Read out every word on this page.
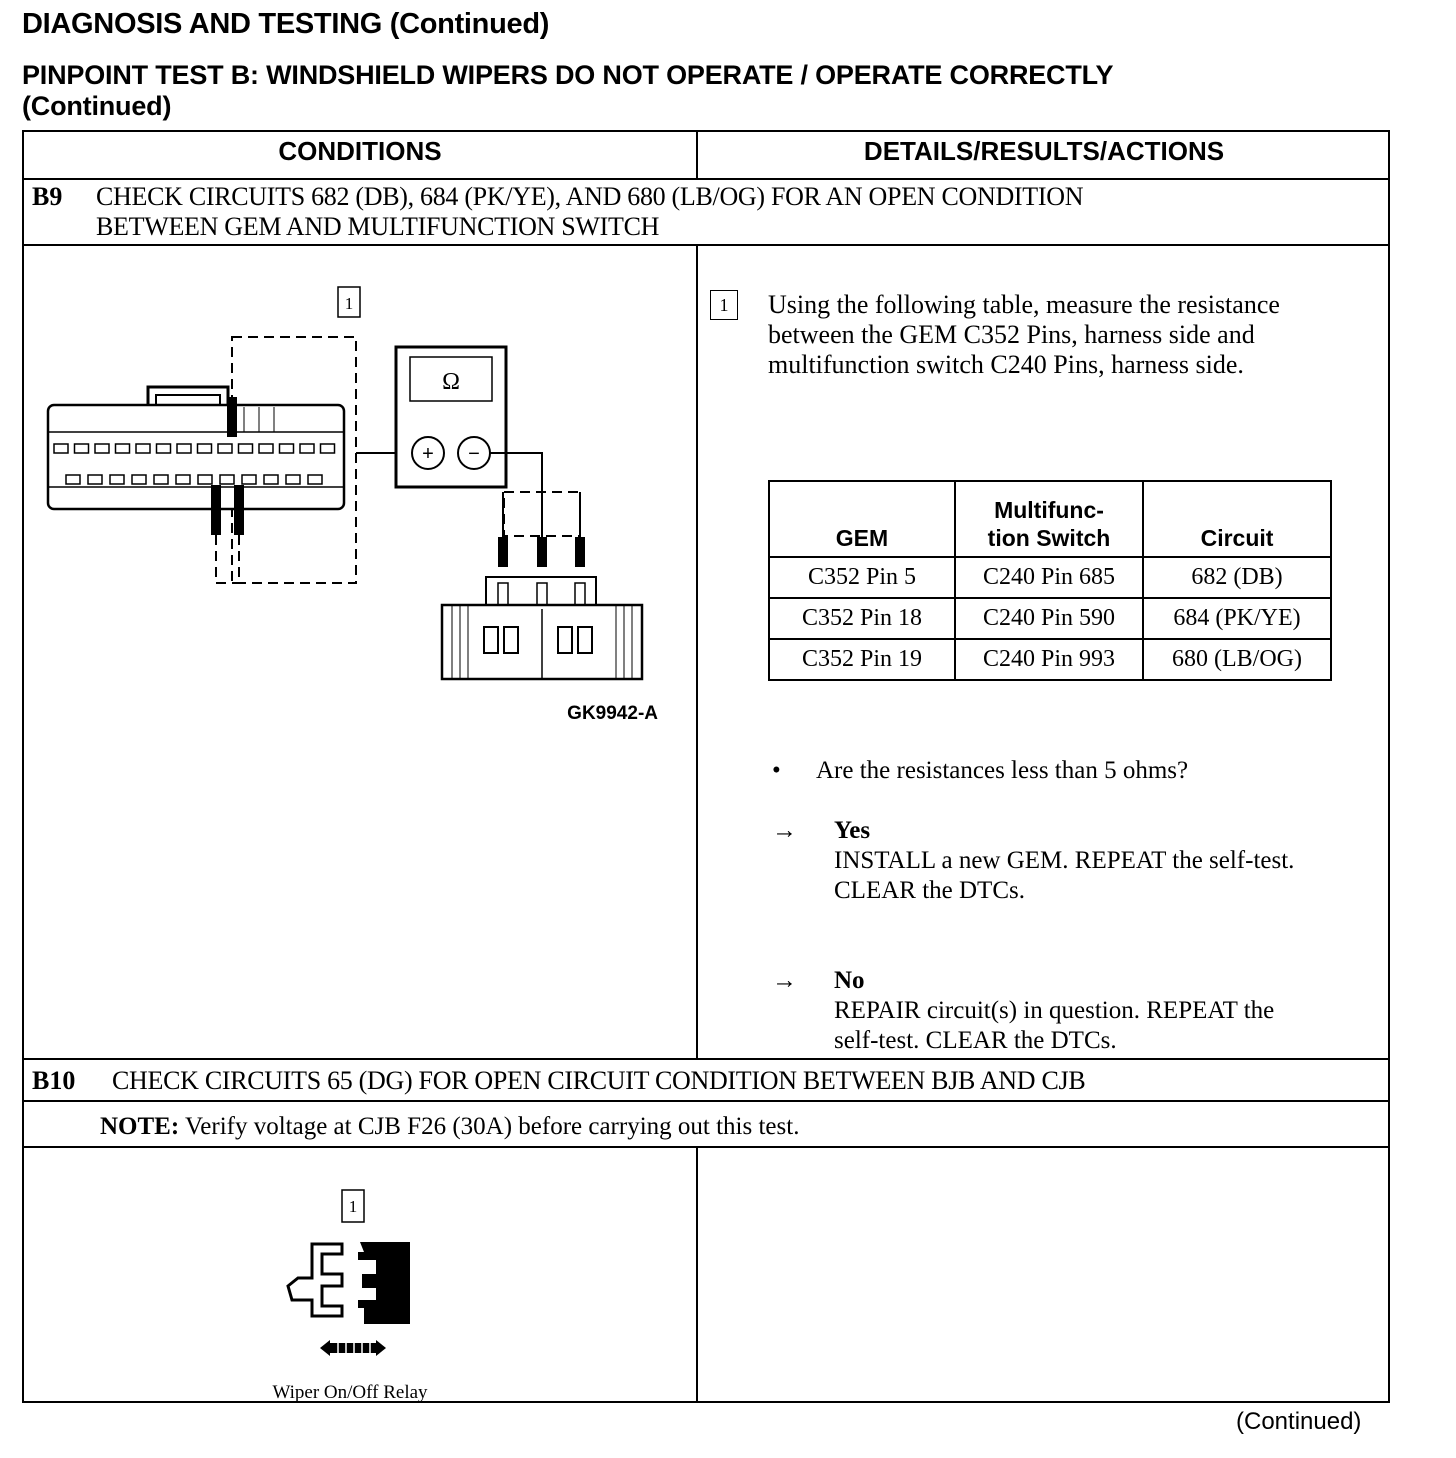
DIAGNOSIS AND TESTING (Continued)
PINPOINT TEST B: WINDSHIELD WIPERS DO NOT OPERATE / OPERATE CORRECTLY
(Continued)
CONDITIONS	DETAILS/RESULTS/ACTIONS
B9 CHECK CIRCUITS 682 (DB), 684 (PK/YE), AND 680 (LB/OG) FOR AN OPEN CONDITION
BETWEEN GEM AND MULTIFUNCTION SWITCH
1
Ω
+ −
GK9942-A
1	Using the following table, measure the resistance
between the GEM C352 Pins, harness side and
multifunction switch C240 Pins, harness side.
GEM	Multifunc-
tion Switch	Circuit
C352 Pin 5	C240 Pin 685	682 (DB)
C352 Pin 18	C240 Pin 590	684 (PK/YE)
C352 Pin 19	C240 Pin 993	680 (LB/OG)
• Are the resistances less than 5 ohms?
→ Yes
INSTALL a new GEM. REPEAT the self-test.
CLEAR the DTCs.
→ No
REPAIR circuit(s) in question. REPEAT the
self-test. CLEAR the DTCs.
B10 CHECK CIRCUITS 65 (DG) FOR OPEN CIRCUIT CONDITION BETWEEN BJB AND CJB
NOTE: Verify voltage at CJB F26 (30A) before carrying out this test.
1
Wiper On/Off Relay
(Continued)
